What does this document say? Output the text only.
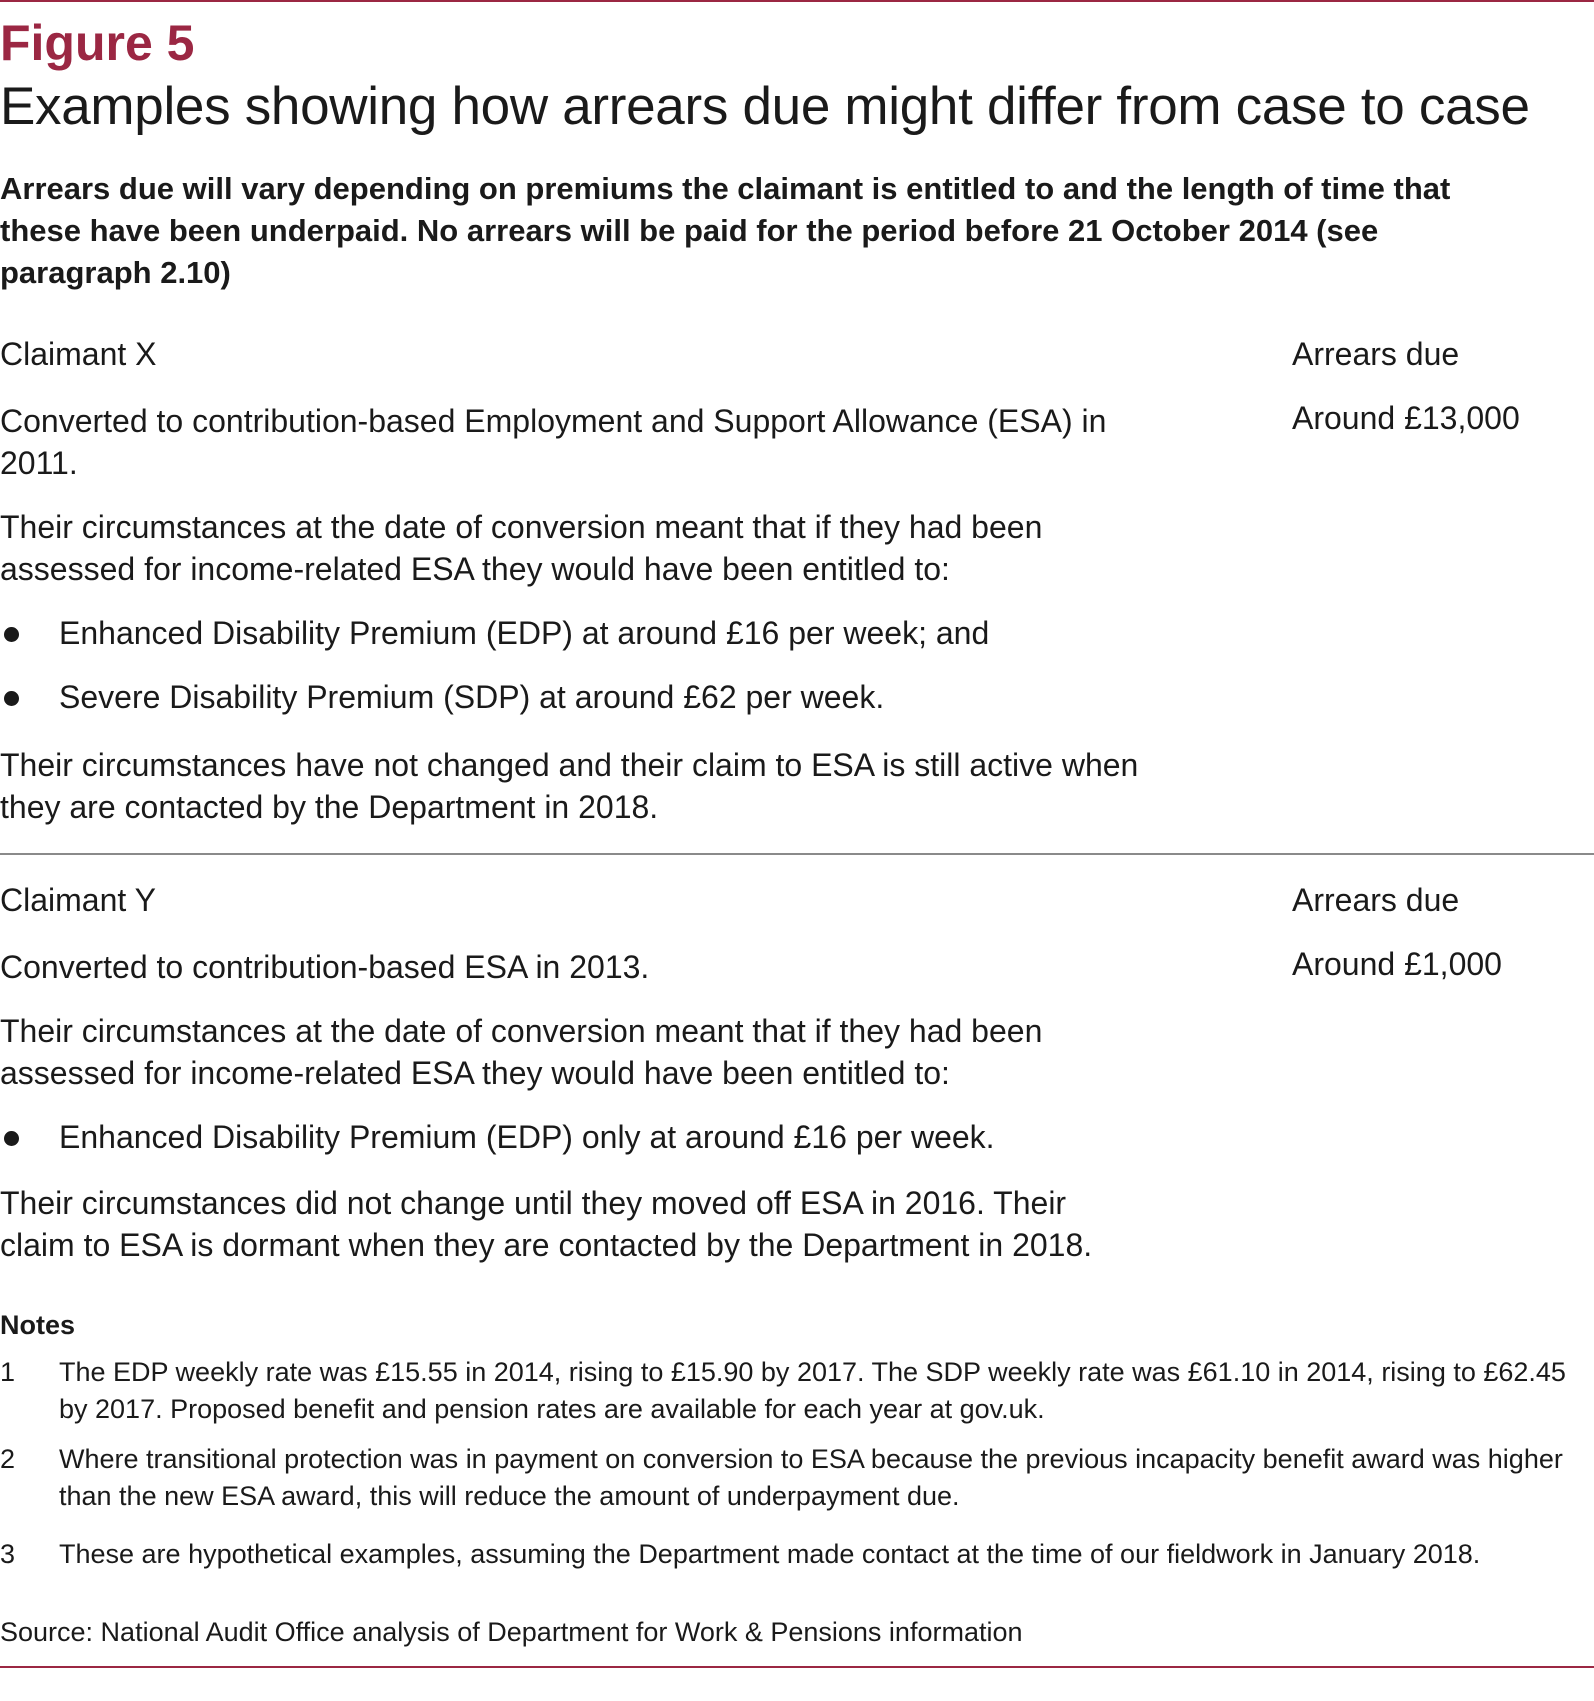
Figure 5
Examples showing how arrears due might differ from case to case
Arrears due will vary depending on premiums the claimant is entitled to and the length of time that these have been underpaid. No arrears will be paid for the period before 21 October 2014 (see paragraph 2.10)
Claimant X	Arrears due
Around £13,000
Converted to contribution-based Employment and Support Allowance (ESA) in 2011.
Their circumstances at the date of conversion meant that if they had been assessed for income-related ESA they would have been entitled to:
Enhanced Disability Premium (EDP) at around £16 per week; and
Severe Disability Premium (SDP) at around £62 per week.
Their circumstances have not changed and their claim to ESA is still active when they are contacted by the Department in 2018.
Claimant Y	Arrears due
Around £1,000
Converted to contribution-based ESA in 2013.
Their circumstances at the date of conversion meant that if they had been assessed for income-related ESA they would have been entitled to:
Enhanced Disability Premium (EDP) only at around £16 per week.
Their circumstances did not change until they moved off ESA in 2016. Their claim to ESA is dormant when they are contacted by the Department in 2018.
Notes
1 The EDP weekly rate was £15.55 in 2014, rising to £15.90 by 2017. The SDP weekly rate was £61.10 in 2014, rising to £62.45 by 2017. Proposed benefit and pension rates are available for each year at gov.uk.
2 Where transitional protection was in payment on conversion to ESA because the previous incapacity benefit award was higher than the new ESA award, this will reduce the amount of underpayment due.
3 These are hypothetical examples, assuming the Department made contact at the time of our fieldwork in January 2018.
Source: National Audit Office analysis of Department for Work & Pensions information
